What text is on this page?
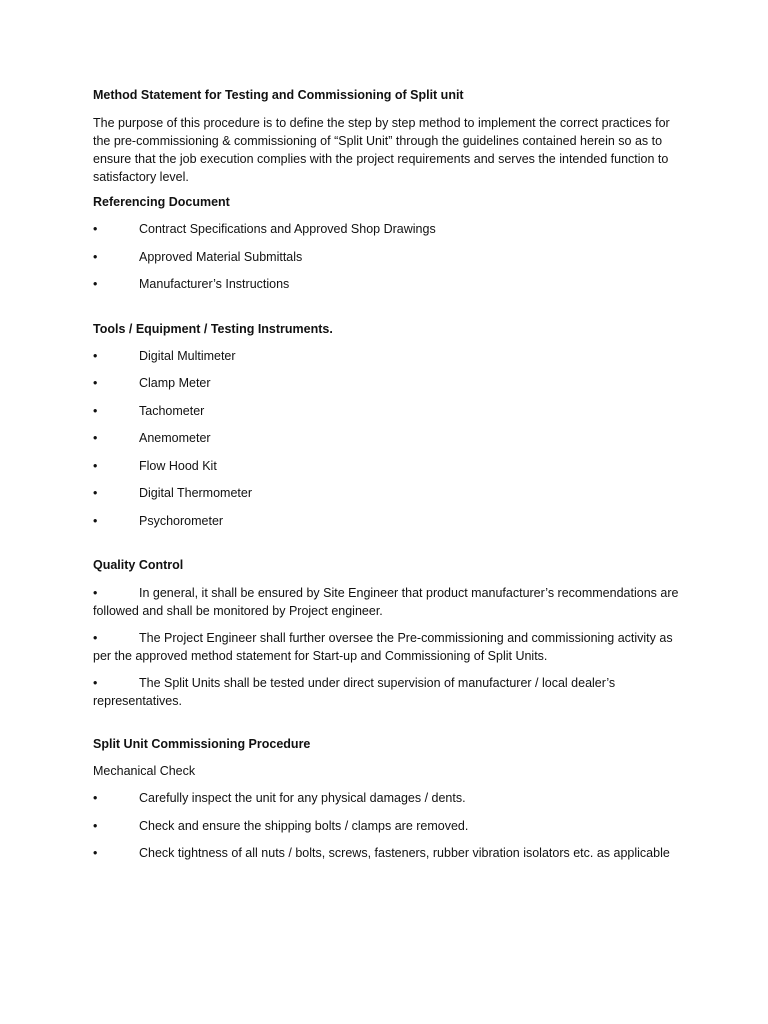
Method Statement for Testing and Commissioning of Split unit
The purpose of this procedure is to define the step by step method to implement the correct practices for the pre-commissioning & commissioning of “Split Unit” through the guidelines contained herein so as to ensure that the job execution complies with the project requirements and serves the intended function to satisfactory level.
Referencing Document
•	Contract Specifications and Approved Shop Drawings
•	Approved Material Submittals
•	Manufacturer’s Instructions
Tools / Equipment / Testing Instruments.
•	Digital Multimeter
•	Clamp Meter
•	Tachometer
•	Anemometer
•	Flow Hood Kit
•	Digital Thermometer
•	Psychorometer
Quality Control
•	In general, it shall be ensured by Site Engineer that product manufacturer’s recommendations are followed and shall be monitored by Project engineer.
•	The Project Engineer shall further oversee the Pre-commissioning and commissioning activity as per the approved method statement for Start-up and Commissioning of Split Units.
•	The Split Units shall be tested under direct supervision of manufacturer / local dealer’s representatives.
Split Unit Commissioning Procedure
Mechanical Check
•	Carefully inspect the unit for any physical damages / dents.
•	Check and ensure the shipping bolts / clamps are removed.
•	Check tightness of all nuts / bolts, screws, fasteners, rubber vibration isolators etc. as applicable
